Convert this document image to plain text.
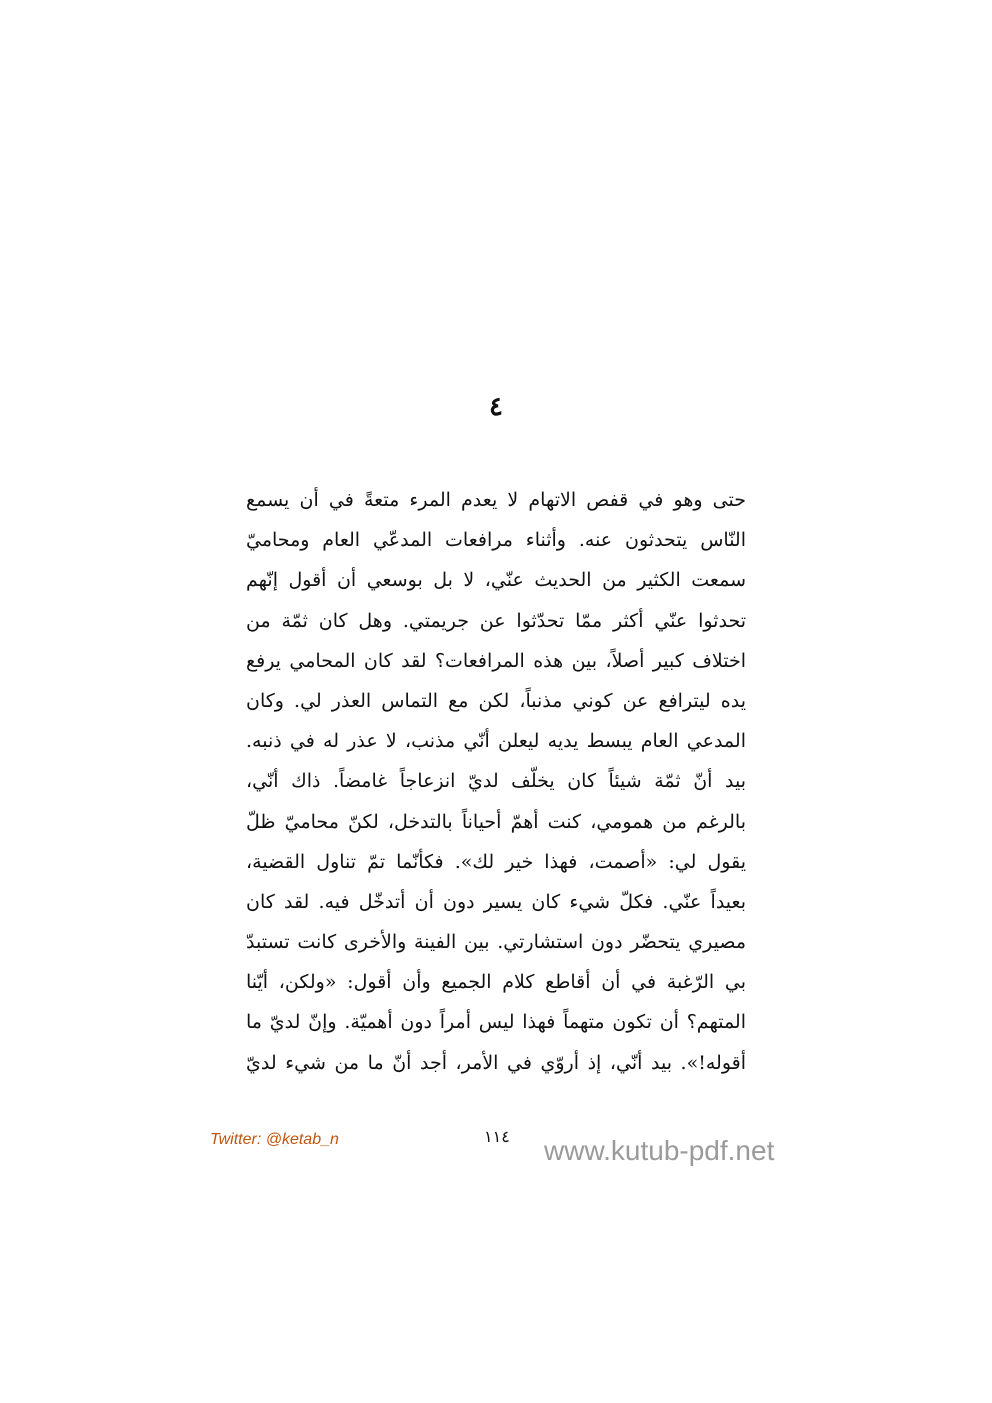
٤
حتى وهو في قفص الاتهام لا يعدم المرء متعةً في أن يسمع
النّاس يتحدثون عنه. وأثناء مرافعات المدعّي العام ومحاميّ
سمعت الكثير من الحديث عنّي، لا بل بوسعي أن أقول إنّهم
تحدثوا عنّي أكثر ممّا تحدّثوا عن جريمتي. وهل كان ثمّة من
اختلاف كبير أصلاً، بين هذه المرافعات؟ لقد كان المحامي يرفع
يده ليترافع عن كوني مذنباً، لكن مع التماس العذر لي. وكان
المدعي العام يبسط يديه ليعلن أنّي مذنب، لا عذر له في ذنبه.
بيد أنّ ثمّة شيئاً كان يخلّف لديّ انزعاجاً غامضاً. ذاك أنّي،
بالرغم من همومي، كنت أهمّ أحياناً بالتدخل، لكنّ محاميّ ظلّ
يقول لي: «أصمت، فهذا خير لك». فكأنّما تمّ تناول القضية،
بعيداً عنّي. فكلّ شيء كان يسير دون أن أتدخّل فيه. لقد كان
مصيري يتحضّر دون استشارتي. بين الفينة والأخرى كانت تستبدّ
بي الرّغبة في أن أقاطع كلام الجميع وأن أقول: «ولكن، أيّنا
المتهم؟ أن تكون متهماً فهذا ليس أمراً دون أهميّة. وإنّ لديّ ما
أقوله!». بيد أنّي، إذ أروّي في الأمر، أجد أنّ ما من شيء لديّ
Twitter: @ketab_n	١١٤ www.kutub-pdf.net
